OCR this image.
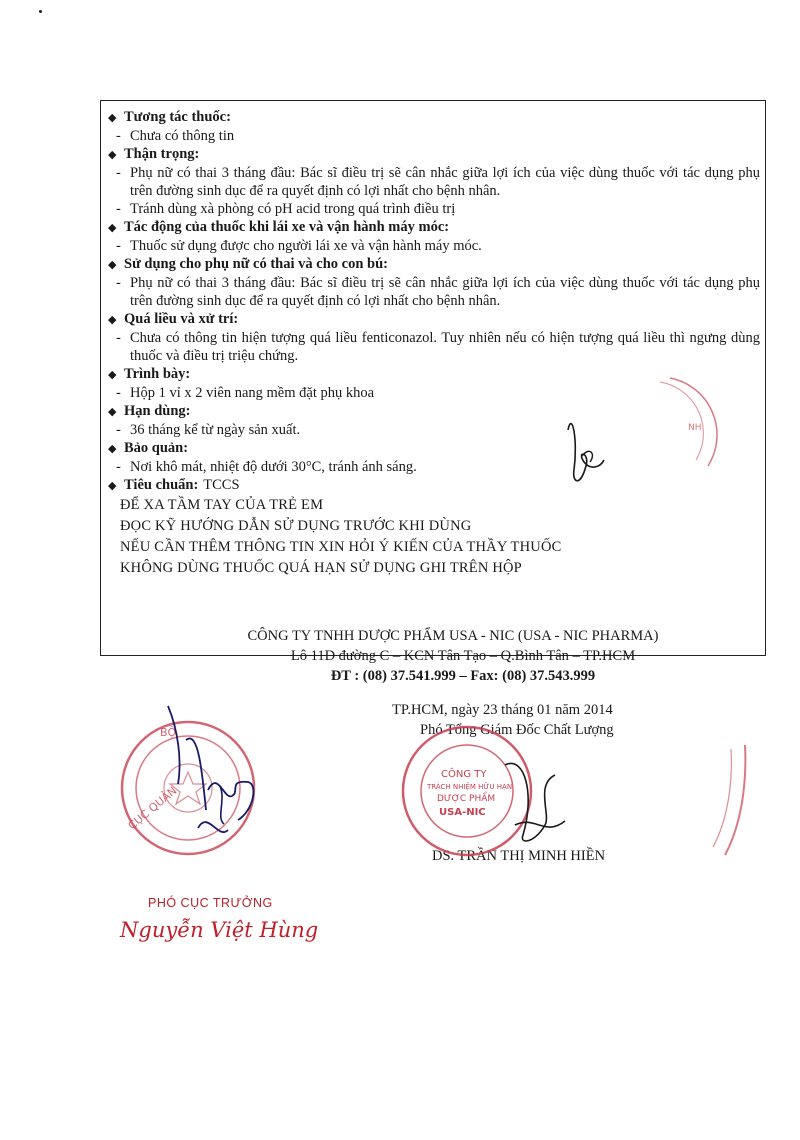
◆ Tương tác thuốc:
- Chưa có thông tin
◆ Thận trọng:
- Phụ nữ có thai 3 tháng đầu: Bác sĩ điều trị sẽ cân nhắc giữa lợi ích của việc dùng thuốc với tác dụng phụ trên đường sinh dục để ra quyết định có lợi nhất cho bệnh nhân.
- Tránh dùng xà phòng có pH acid trong quá trình điều trị
◆ Tác động của thuốc khi lái xe và vận hành máy móc:
- Thuốc sử dụng được cho người lái xe và vận hành máy móc.
◆ Sử dụng cho phụ nữ có thai và cho con bú:
- Phụ nữ có thai 3 tháng đầu: Bác sĩ điều trị sẽ cân nhắc giữa lợi ích của việc dùng thuốc với tác dụng phụ trên đường sinh dục để ra quyết định có lợi nhất cho bệnh nhân.
◆ Quá liều và xử trí:
- Chưa có thông tin hiện tượng quá liều fenticonazol. Tuy nhiên nếu có hiện tượng quá liều thì ngưng dùng thuốc và điều trị triệu chứng.
◆ Trình bày:
- Hộp 1 vỉ x 2 viên nang mềm đặt phụ khoa
◆ Hạn dùng:
- 36 tháng kể từ ngày sản xuất.
◆ Bảo quản:
- Nơi khô mát, nhiệt độ dưới 30°C, tránh ánh sáng.
◆ Tiêu chuẩn: TCCS
ĐỂ XA TẦM TAY CỦA TRẺ EM
ĐỌC KỸ HƯỚNG DẪN SỬ DỤNG TRƯỚC KHI DÙNG
NẾU CẦN THÊM THÔNG TIN XIN HỎI Ý KIẾN CỦA THẦY THUỐC
KHÔNG DÙNG THUỐC QUÁ HẠN SỬ DỤNG GHI TRÊN HỘP
CÔNG TY TNHH DƯỢC PHẨM USA - NIC (USA - NIC PHARMA)
Lô 11D đường C – KCN Tân Tạo – Q.Bình Tân – TP.HCM
ĐT : (08) 37.541.999 – Fax: (08) 37.543.999
TP.HCM, ngày 23 tháng 01 năm 2014
Phó Tổng Giám Đốc Chất Lượng
DS. TRẦN THỊ MINH HIỀN
PHÓ CỤC TRƯỞNG
Nguyễn Việt Hùng
NH
BỘ
CỤC QUẢN
CÔNG TY
TRÁCH NHIỆM HỮU HẠN
DƯỢC PHẨM
USA-NIC
